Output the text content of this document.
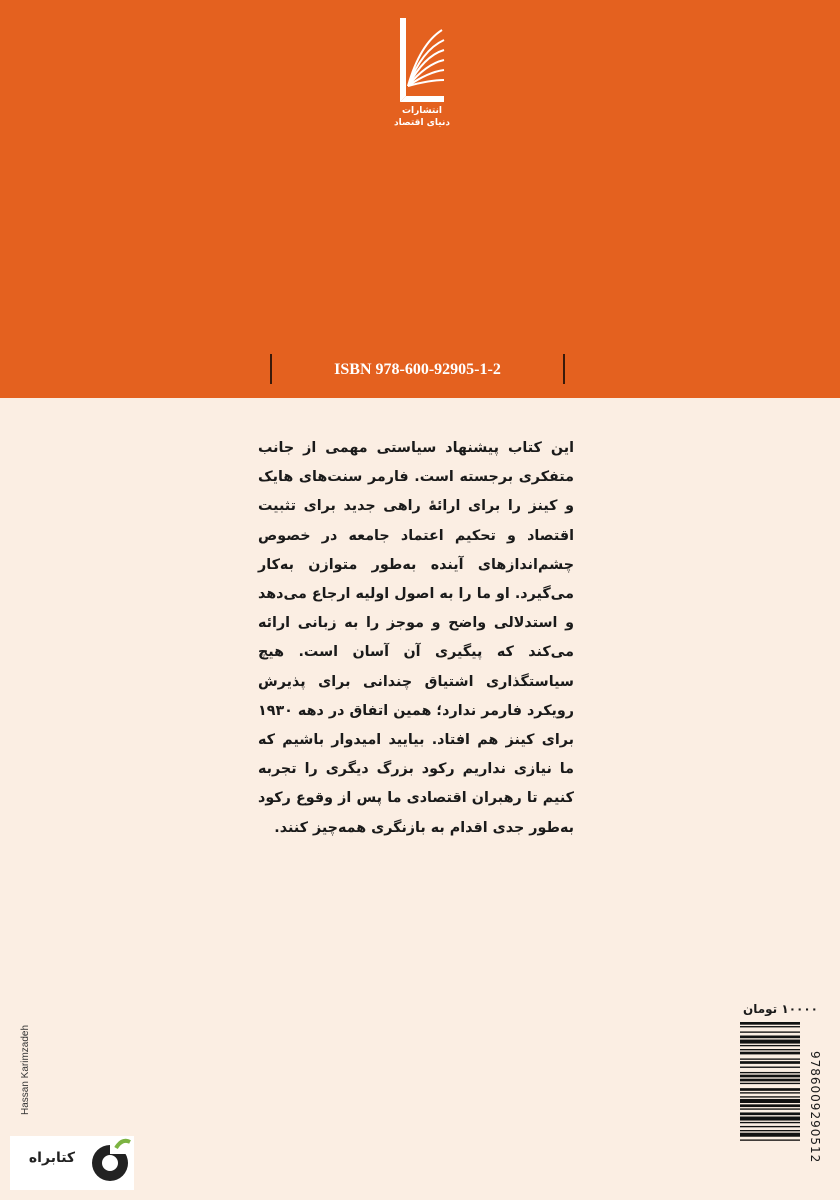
انتشارات
دنیای اقتصاد
ISBN 978-600-92905-1-2

این کتاب پیشنهاد سیاستی مهمی از جانب متفکری برجسته است. فارمر سنت‌های هایک و کینز را برای ارائهٔ راهی جدید برای تثبیت اقتصاد و تحکیم اعتماد جامعه در خصوص چشم‌اندازهای آینده به‌طور متوازن به‌کار می‌گیرد. او ما را به اصول اولیه ارجاع می‌دهد و استدلالی واضح و موجز را به زبانی ارائه می‌کند که پیگیری آن آسان است. هیچ سیاستگذاری اشتیاق چندانی برای پذیرش رویکرد فارمر ندارد؛ همین اتفاق در دهه ۱۹۳۰ برای کینز هم افتاد. بیایید امیدوار باشیم که ما نیازی نداریم رکود بزرگ دیگری را تجربه کنیم تا رهبران اقتصادی ما پس از وقوع رکود به‌طور جدی اقدام به بازنگری همه‌چیز کنند.

۱۰۰۰۰ تومان
9786009290512
Hassan Karimzadeh
کتابراه
